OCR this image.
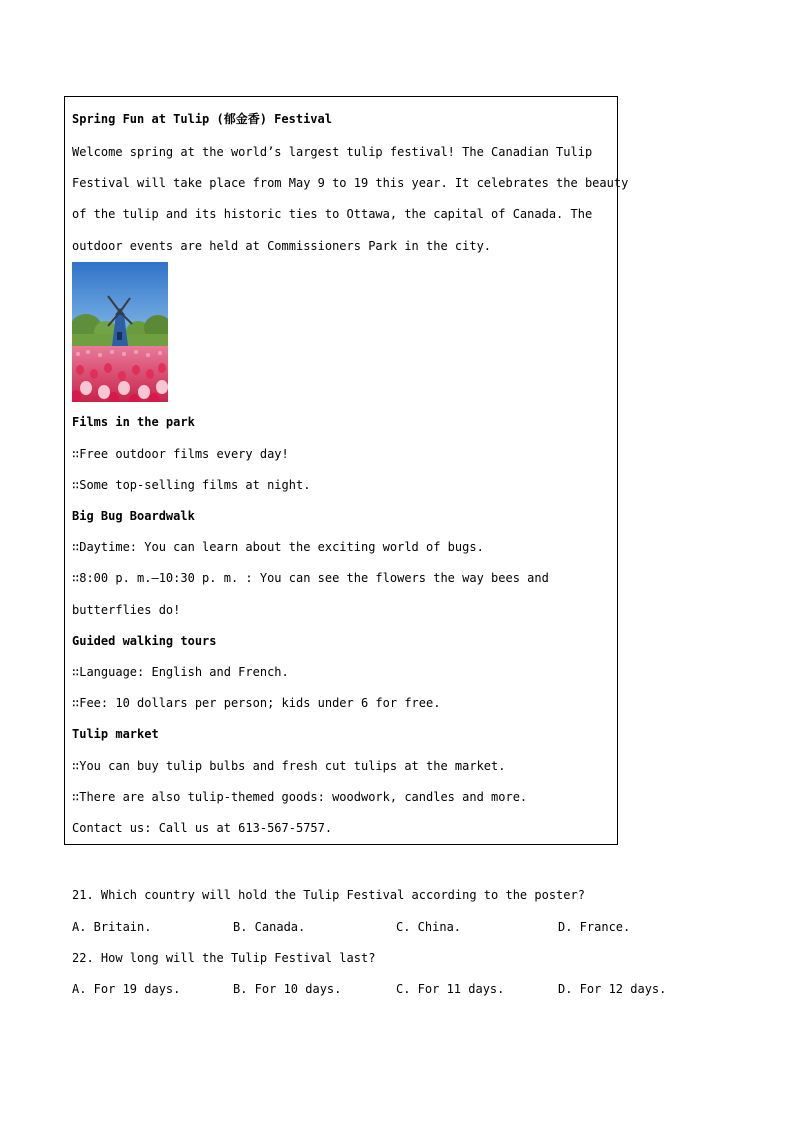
Spring Fun at Tulip (郁金香) Festival
Welcome spring at the world’s largest tulip festival! The Canadian Tulip
Festival will take place from May 9 to 19 this year. It celebrates the beauty
of the tulip and its historic ties to Ottawa, the capital of Canada. The
outdoor events are held at Commissioners Park in the city.
Films in the park
∷Free outdoor films every day!
∷Some top-selling films at night.
Big Bug Boardwalk
∷Daytime: You can learn about the exciting world of bugs.
∷8:00 p. m.—10:30 p. m. : You can see the flowers the way bees and
butterflies do!
Guided walking tours
∷Language: English and French.
∷Fee: 10 dollars per person; kids under 6 for free.
Tulip market
∷You can buy tulip bulbs and fresh cut tulips at the market.
∷There are also tulip-themed goods: woodwork, candles and more.
Contact us: Call us at 613-567-5757.
21. Which country will hold the Tulip Festival according to the poster?
A. Britain.	B. Canada.	C. China.	D. France.
22. How long will the Tulip Festival last?
A. For 19 days.	B. For 10 days.	C. For 11 days.	D. For 12 days.
